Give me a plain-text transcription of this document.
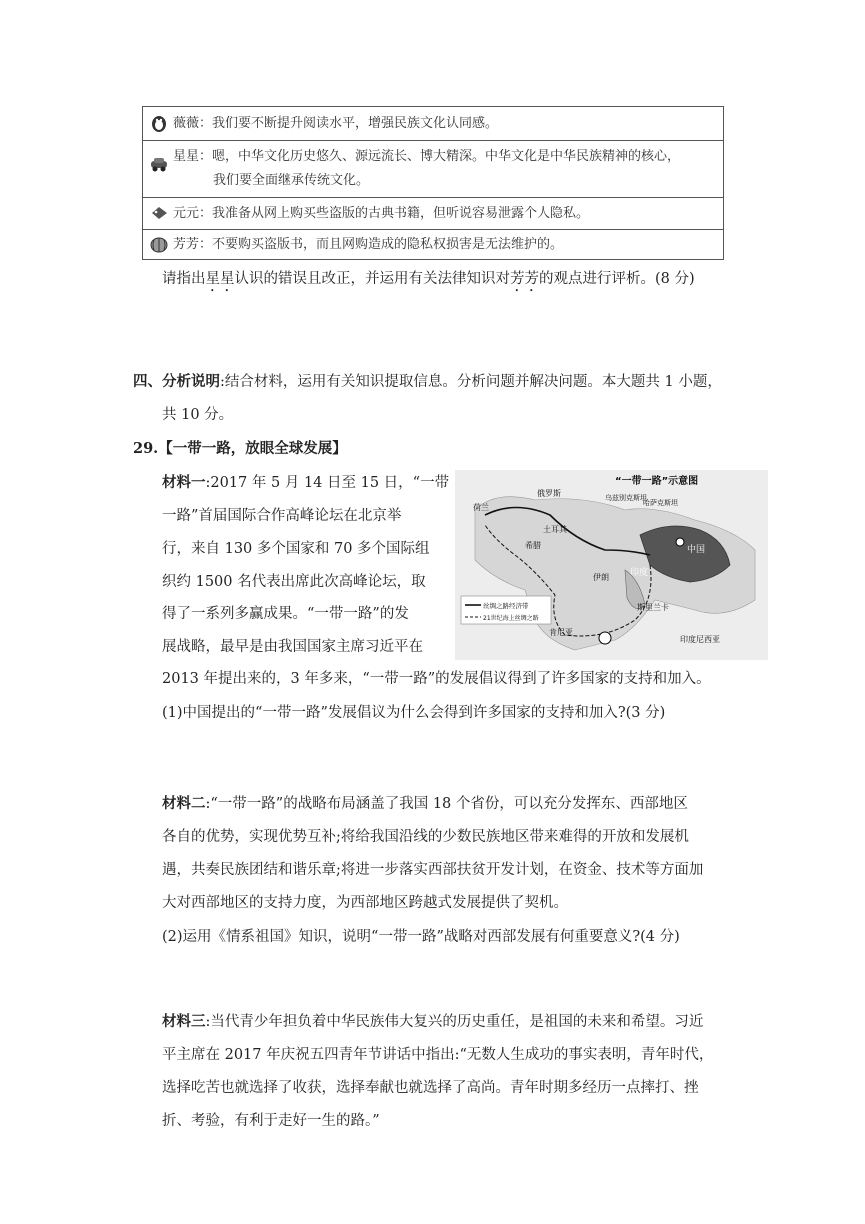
薇薇：我们要不断提升阅读水平，增强民族文化认同感。
星星：嗯，中华文化历史悠久、源远流长、博大精深。中华文化是中华民族精神的核心，
我们要全面继承传统文化。
元元：我准备从网上购买些盗版的古典书籍，但听说容易泄露个人隐私。
芳芳：不要购买盗版书，而且网购造成的隐私权损害是无法维护的。
请指出星星认识的错误且改正，并运用有关法律知识对芳芳的观点进行评析。(8 分)
四、分析说明:结合材料，运用有关知识提取信息。分析问题并解决问题。本大题共 1 小题，
共 10 分。
29.【一带一路，放眼全球发展】
材料一:2017 年 5 月 14 日至 15 日，“一带
一路”首届国际合作高峰论坛在北京举
行，来自 130 多个国家和 70 多个国际组
织约 1500 名代表出席此次高峰论坛，取
得了一系列多赢成果。“一带一路”的发
展战略，最早是由我国国家主席习近平在
2013 年提出来的，3 年多来，“一带一路”的发展倡议得到了许多国家的支持和加入。
(1)中国提出的“一带一路”发展倡议为什么会得到许多国家的支持和加入?(3 分)
“一带一路”示意图
荷兰
俄罗斯
哈萨克斯坦
乌兹别克斯坦
土耳其
希腊
伊朗 印度
中国
斯里兰卡
肯尼亚
印度尼西亚
丝绸之路经济带
21世纪海上丝绸之路
材料二:“一带一路”的战略布局涵盖了我国 18 个省份，可以充分发挥东、西部地区
各自的优势，实现优势互补;将给我国沿线的少数民族地区带来难得的开放和发展机
遇，共奏民族团结和谐乐章;将进一步落实西部扶贫开发计划，在资金、技术等方面加
大对西部地区的支持力度，为西部地区跨越式发展提供了契机。
(2)运用《情系祖国》知识，说明“一带一路”战略对西部发展有何重要意义?(4 分)
材料三:当代青少年担负着中华民族伟大复兴的历史重任，是祖国的未来和希望。习近
平主席在 2017 年庆祝五四青年节讲话中指出:“无数人生成功的事实表明，青年时代，
选择吃苦也就选择了收获，选择奉献也就选择了高尚。青年时期多经历一点摔打、挫
折、考验，有利于走好一生的路。”
